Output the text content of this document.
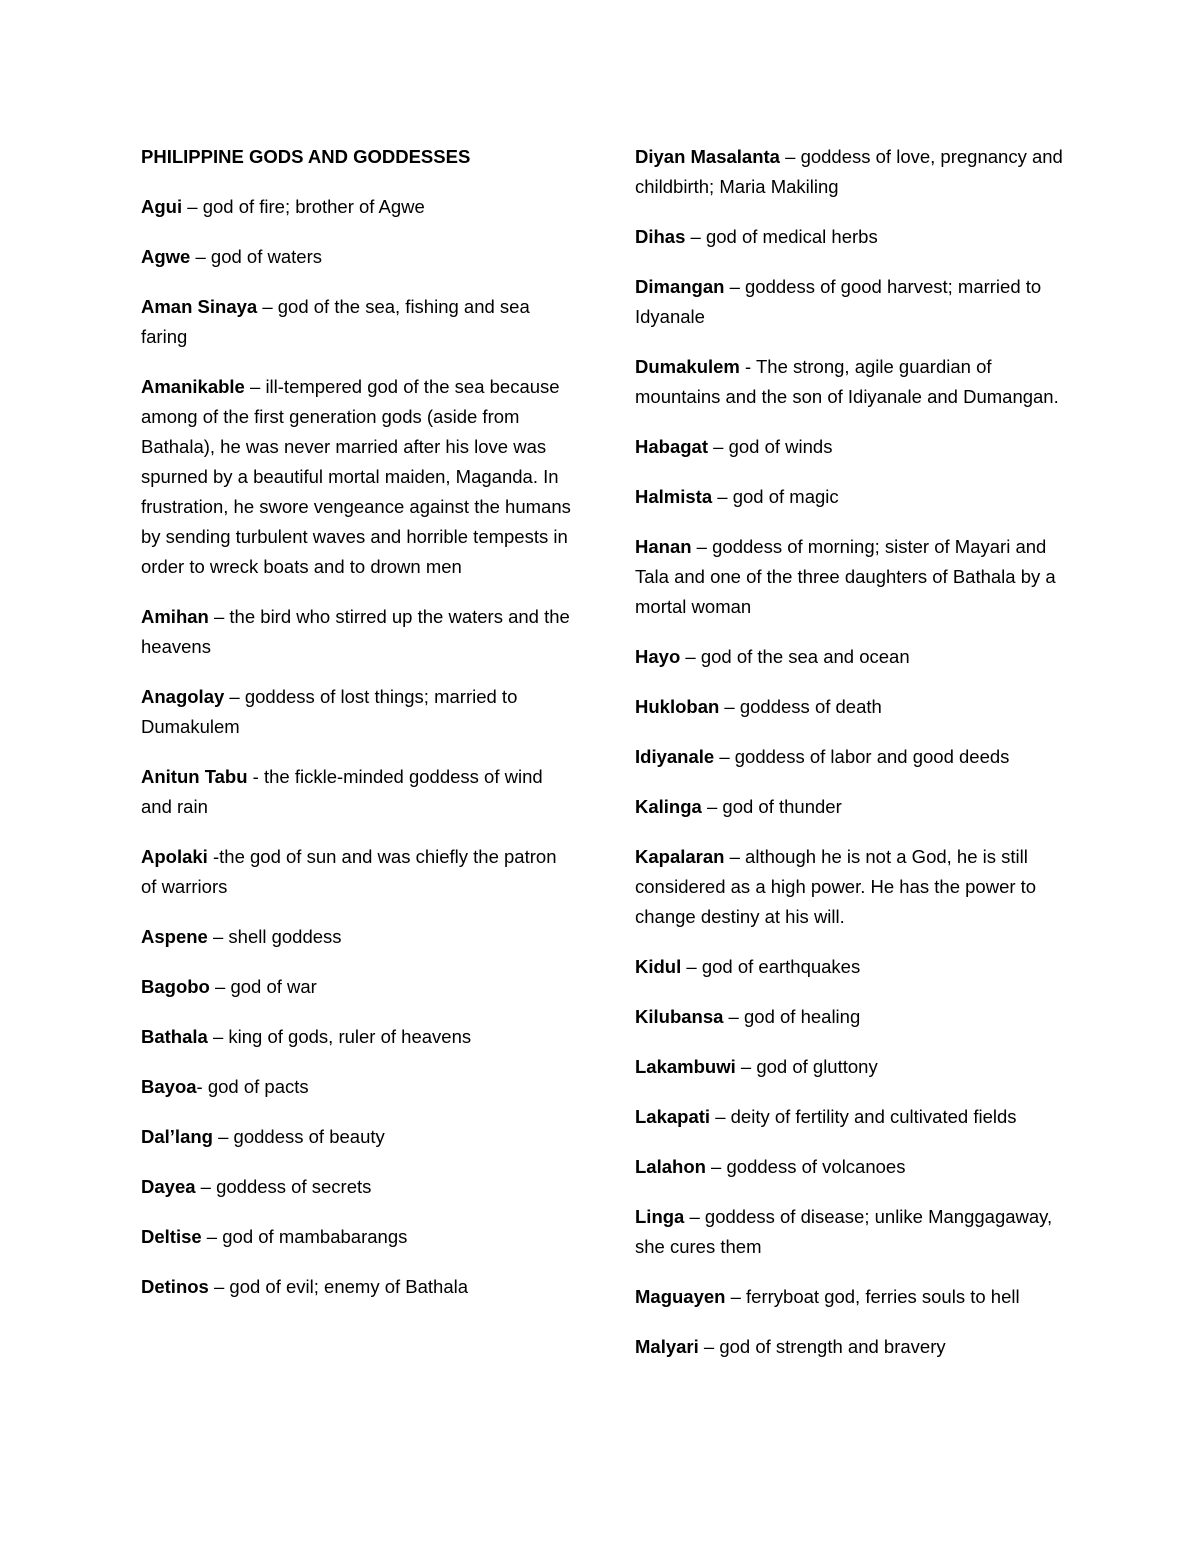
PHILIPPINE GODS AND GODDESSES
Agui – god of fire; brother of Agwe
Agwe – god of waters
Aman Sinaya – god of the sea, fishing and sea faring
Amanikable – ill-tempered god of the sea because among of the first generation gods (aside from Bathala), he was never married after his love was spurned by a beautiful mortal maiden, Maganda. In frustration, he swore vengeance against the humans by sending turbulent waves and horrible tempests in order to wreck boats and to drown men
Amihan – the bird who stirred up the waters and the heavens
Anagolay – goddess of lost things; married to Dumakulem
Anitun Tabu - the fickle-minded goddess of wind and rain
Apolaki -the god of sun and was chiefly the patron of warriors
Aspene – shell goddess
Bagobo – god of war
Bathala – king of gods, ruler of heavens
Bayoa- god of pacts
Dal’lang – goddess of beauty
Dayea – goddess of secrets
Deltise – god of mambabarangs
Detinos – god of evil; enemy of Bathala
Diyan Masalanta – goddess of love, pregnancy and childbirth; Maria Makiling
Dihas – god of medical herbs
Dimangan – goddess of good harvest; married to Idyanale
Dumakulem - The strong, agile guardian of mountains and the son of Idiyanale and Dumangan.
Habagat – god of winds
Halmista – god of magic
Hanan – goddess of morning; sister of Mayari and Tala and one of the three daughters of Bathala by a mortal woman
Hayo – god of the sea and ocean
Hukloban – goddess of death
Idiyanale – goddess of labor and good deeds
Kalinga – god of thunder
Kapalaran – although he is not a God, he is still considered as a high power. He has the power to change destiny at his will.
Kidul – god of earthquakes
Kilubansa – god of healing
Lakambuwi – god of gluttony
Lakapati – deity of fertility and cultivated fields
Lalahon – goddess of volcanoes
Linga – goddess of disease; unlike Manggagaway, she cures them
Maguayen – ferryboat god, ferries souls to hell
Malyari – god of strength and bravery
